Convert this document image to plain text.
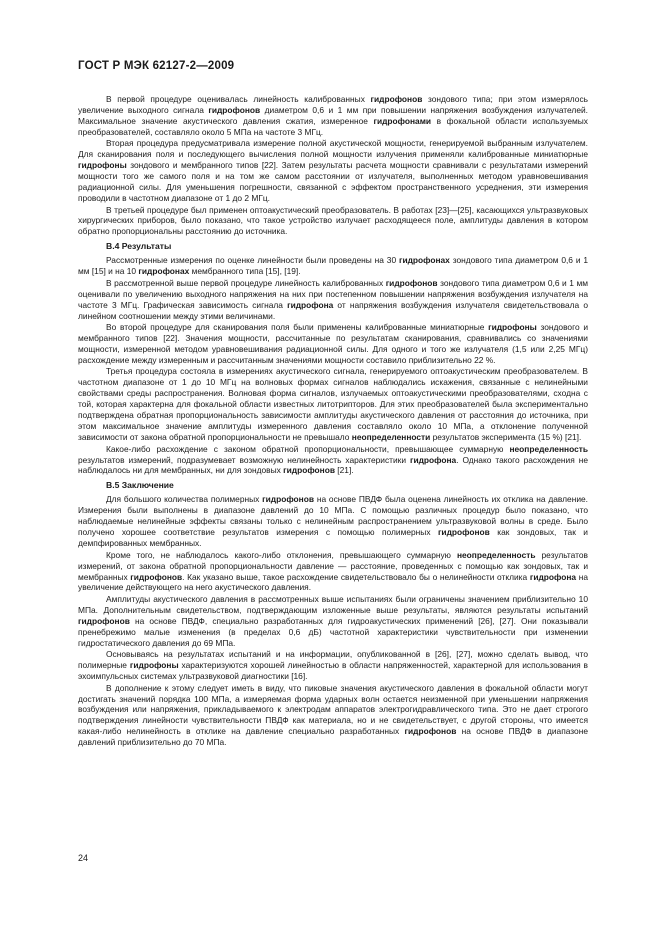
ГОСТ Р МЭК 62127-2—2009

В первой процедуре оценивалась линейность калиброванных гидрофонов зондового типа; при этом измерялось увеличение выходного сигнала гидрофонов диаметром 0,6 и 1 мм при повышении напряжения возбуждения излучателей. Максимальное значение акустического давления сжатия, измеренное гидрофонами в фокальной области используемых преобразователей, составляло около 5 МПа на частоте 3 МГц.

Вторая процедура предусматривала измерение полной акустической мощности, генерируемой выбранным излучателем. Для сканирования поля и последующего вычисления полной мощности излучения применяли калиброванные миниатюрные гидрофоны зондового и мембранного типов [22]. Затем результаты расчета мощности сравнивали с результатами измерений мощности того же самого поля и на том же самом расстоянии от излучателя, выполненных методом уравновешивания радиационной силы. Для уменьшения погрешности, связанной с эффектом пространственного усреднения, эти измерения проводили в частотном диапазоне от 1 до 2 МГц.

В третьей процедуре был применен оптоакустический преобразователь. В работах [23]—[25], касающихся ультразвуковых хирургических приборов, было показано, что такое устройство излучает расходящееся поле, амплитуды давления в котором обратно пропорциональны расстоянию до источника.

В.4 Результаты

Рассмотренные измерения по оценке линейности были проведены на 30 гидрофонах зондового типа диаметром 0,6 и 1 мм [15] и на 10 гидрофонах мембранного типа [15], [19].

В рассмотренной выше первой процедуре линейность калиброванных гидрофонов зондового типа диаметром 0,6 и 1 мм оценивали по увеличению выходного напряжения на них при постепенном повышении напряжения возбуждения излучателя на частоте 3 МГц. Графическая зависимость сигнала гидрофона от напряжения возбуждения излучателя свидетельствовала о линейном соотношении между этими величинами.

Во второй процедуре для сканирования поля были применены калиброванные миниатюрные гидрофоны зондового и мембранного типов [22]. Значения мощности, рассчитанные по результатам сканирования, сравнивались со значениями мощности, измеренной методом уравновешивания радиационной силы. Для одного и того же излучателя (1,5 или 2,25 МГц) расхождение между измеренным и рассчитанным значениями мощности составило приблизительно 22 %.

Третья процедура состояла в измерениях акустического сигнала, генерируемого оптоакустическим преобразователем. В частотном диапазоне от 1 до 10 МГц на волновых формах сигналов наблюдались искажения, связанные с нелинейными свойствами среды распространения. Волновая форма сигналов, излучаемых оптоакустическими преобразователями, сходна с той, которая характерна для фокальной области известных литотрипторов. Для этих преобразователей была экспериментально подтверждена обратная пропорциональность зависимости амплитуды акустического давления от расстояния до источника, при этом максимальное значение амплитуды измеренного давления составляло около 10 МПа, а отклонение полученной зависимости от закона обратной пропорциональности не превышало неопределенности результатов эксперимента (15 %) [21].

Какое-либо расхождение с законом обратной пропорциональности, превышающее суммарную неопределенность результатов измерений, подразумевает возможную нелинейность характеристики гидрофона. Однако такого расхождения не наблюдалось ни для мембранных, ни для зондовых гидрофонов [21].

В.5 Заключение

Для большого количества полимерных гидрофонов на основе ПВДФ была оценена линейность их отклика на давление. Измерения были выполнены в диапазоне давлений до 10 МПа. С помощью различных процедур было показано, что наблюдаемые нелинейные эффекты связаны только с нелинейным распространением ультразвуковой волны в среде. Было получено хорошее соответствие результатов измерения с помощью полимерных гидрофонов как зондовых, так и демпфированных мембранных.

Кроме того, не наблюдалось какого-либо отклонения, превышающего суммарную неопределенность результатов измерений, от закона обратной пропорциональности давление — расстояние, проведенных с помощью как зондовых, так и мембранных гидрофонов. Как указано выше, такое расхождение свидетельствовало бы о нелинейности отклика гидрофона на увеличение действующего на него акустического давления.

Амплитуды акустического давления в рассмотренных выше испытаниях были ограничены значением приблизительно 10 МПа. Дополнительным свидетельством, подтверждающим изложенные выше результаты, являются результаты испытаний гидрофонов на основе ПВДФ, специально разработанных для гидроакустических применений [26], [27]. Они показывали пренебрежимо малые изменения (в пределах 0,6 дБ) частотной характеристики чувствительности при изменении гидростатического давления до 69 МПа.

Основываясь на результатах испытаний и на информации, опубликованной в [26], [27], можно сделать вывод, что полимерные гидрофоны характеризуются хорошей линейностью в области напряженностей, характерной для использования в эхоимпульсных системах ультразвуковой диагностики [16].

В дополнение к этому следует иметь в виду, что пиковые значения акустического давления в фокальной области могут достигать значений порядка 100 МПа, а измеряемая форма ударных волн остается неизменной при уменьшении напряжения возбуждения или напряжения, прикладываемого к электродам аппаратов электрогидравлического типа. Это не дает строгого подтверждения линейности чувствительности ПВДФ как материала, но и не свидетельствует, с другой стороны, что имеется какая-либо нелинейность в отклике на давление специально разработанных гидрофонов на основе ПВДФ в диапазоне давлений приблизительно до 70 МПа.

24
